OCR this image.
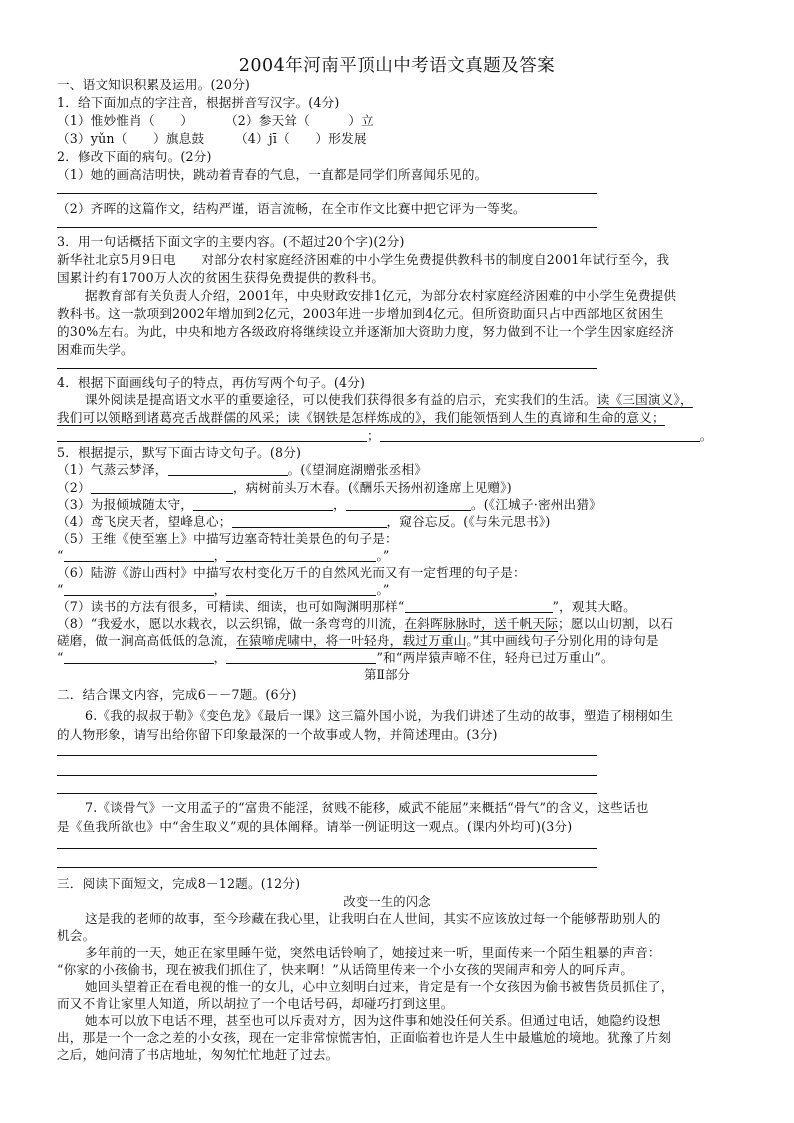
2004年河南平顶山中考语文真题及答案
一、语文知识积累及运用。(20分)
1．给下面加点的字注音，根据拼音写汉字。(4分)
（1）惟妙惟肖（　　）	（2）参天耸（　　　）立
（3）yǔn（　　）旗息鼓 （4）jī（　　）形发展
2．修改下面的病句。(2分)
（1）她的画高洁明快，跳动着青春的气息，一直都是同学们所喜闻乐见的。
（2）齐晖的这篇作文，结构严谨，语言流畅，在全市作文比赛中把它评为一等奖。
3．用一句话概括下面文字的主要内容。(不超过20个字)(2分)
新华社北京5月9日电　　对部分农村家庭经济困难的中小学生免费提供教科书的制度自2001年试行至今，我
国累计约有1700万人次的贫困生获得免费提供的教科书。
据教育部有关负责人介绍，2001年，中央财政安排1亿元，为部分农村家庭经济困难的中小学生免费提供
教科书。这一款项到2002年增加到2亿元，2003年进一步增加到4亿元。但所资助面只占中西部地区贫困生
的30%左右。为此，中央和地方各级政府将继续设立并逐渐加大资助力度，努力做到不让一个学生因家庭经济
困难而失学。
4．根据下面画线句子的特点，再仿写两个句子。(4分)
课外阅读是提高语文水平的重要途径，可以使我们获得很多有益的启示，充实我们的生活。读《三国演义》，
我们可以领略到诸葛亮舌战群儒的风采；读《钢铁是怎样炼成的》，我们能领悟到人生的真谛和生命的意义；
；	。
5．根据提示，默写下面古诗文句子。(8分)
（1）气蒸云梦泽，	。(《望洞庭湖赠张丞相》
（2）	，病树前头万木春。(《酬乐天扬州初逢席上见赠》)
（3）为报倾城随太守，	，	。(《江城子·密州出猎》
（4）鸢飞戾天者，望峰息心；	，窥谷忘反。(《与朱元思书》)
（5）王维《使至塞上》中描写边塞奇特壮美景色的句子是：
“	，	。”
（6）陆游《游山西村》中描写农村变化万千的自然风光而又有一定哲理的句子是：
“	，	。”
（7）读书的方法有很多，可精读、细读，也可如陶渊明那样“	”，观其大略。
（8）“我爱水，愿以水栽衣，以云织锦，做一条弯弯的川流，在斜晖脉脉时，送千帆天际；愿以山切割，以石
磋磨，做一涧高高低低的急流，在猿啼虎啸中，将一叶轻舟，载过万重山。”其中画线句子分别化用的诗句是
“	，	”和“两岸猿声啼不住，轻舟已过万重山”。
第Ⅱ部分
二．结合课文内容，完成6－－7题。(6分)
6.《我的叔叔于勒》《变色龙》《最后一课》这三篇外国小说，为我们讲述了生动的故事，塑造了栩栩如生
的人物形象，请写出给你留下印象最深的一个故事或人物，并简述理由。(3分)
7.《谈骨气》一文用孟子的“富贵不能淫，贫贱不能移，威武不能屈”来概括“骨气”的含义，这些话也
是《鱼我所欲也》中“舍生取义”观的具体阐释。请举一例证明这一观点。(课内外均可)(3分)
三．阅读下面短文，完成8－12题。(12分)
改变一生的闪念
这是我的老师的故事，至今珍藏在我心里，让我明白在人世间，其实不应该放过每一个能够帮助别人的
机会。
多年前的一天，她正在家里睡午觉，突然电话铃响了，她接过来一听，里面传来一个陌生粗暴的声音：
“你家的小孩偷书，现在被我们抓住了，快来啊！”从话筒里传来一个小女孩的哭闹声和旁人的呵斥声。
她回头望着正在看电视的惟一的女儿，心中立刻明白过来，肯定是有一个女孩因为偷书被售货员抓住了，
而又不肯让家里人知道，所以胡拉了一个电话号码，却碰巧打到这里。
她本可以放下电话不理，甚至也可以斥责对方，因为这件事和她没任何关系。但通过电话，她隐约设想
出，那是一个一念之差的小女孩，现在一定非常惊慌害怕，正面临着也许是人生中最尴尬的境地。犹豫了片刻
之后，她问清了书店地址，匆匆忙忙地赶了过去。
